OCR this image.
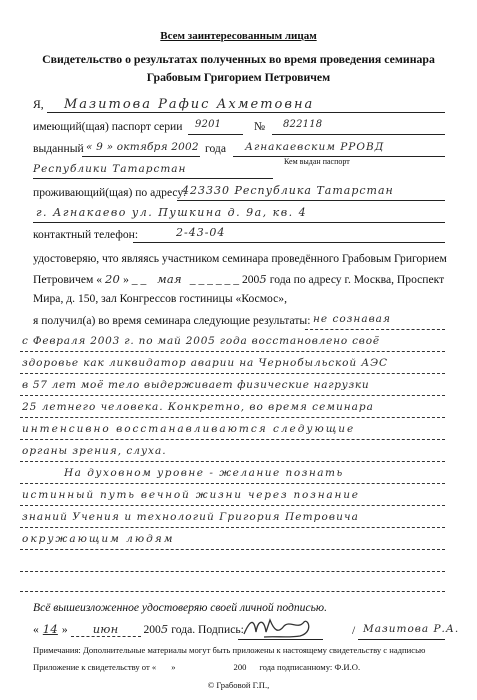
Всем заинтересованным лицам
Свидетельство о результатах полученных во время проведения семинара
Грабовым Григорием Петровичем
Я, Мазитова Рафис Ахметовна
имеющий(щая) паспорт серии 9201	№ 822118
выданный « 9 » октября 2002 года Агнакаевским РРОВД
Кем выдан паспорт
Республики Татарстан
проживающий(щая) по адресу:
423330 Республика Татарстан
г. Агнакаево ул. Пушкина д. 9а, кв. 4
контактный телефон:	2-43-04
удостоверяю, что являясь участником семинара проведённого Грабовым Григорием
Петровичем « 20 » _ _ мая _ _ _ _ _ _ 2005 года по адресу г. Москва, Проспект
Мира, д. 150, зал Конгрессов гостиницы «Космос»,
я получил(а) во время семинара следующие результаты: не сознавая
с Февраля 2003 г. по май 2005 года восстановлено своё
здоровье как ликвидатор аварии на Чернобыльской АЭС
в 57 лет моё тело выдерживает физические нагрузки
25 летнего человека. Конкретно, во время семинара
интенсивно восстанавливаются следующие
органы зрения, слуха.
На духовном уровне - желание познать
истинный путь вечной жизни через познание
знаний Учения и технологий Григория Петровича
окружающим людям
Всё вышеизложенное удостоверяю своей личной подписью.
« 14 » июн 2005 года. Подпись:	/ Мазитова Р.А.
Примечания: Дополнительные материалы могут быть приложены к настоящему свидетельству с надписью
Приложение к свидетельству от «       »                           200      года подписанному: Ф.И.О.
© Грабовой Г.П.,
